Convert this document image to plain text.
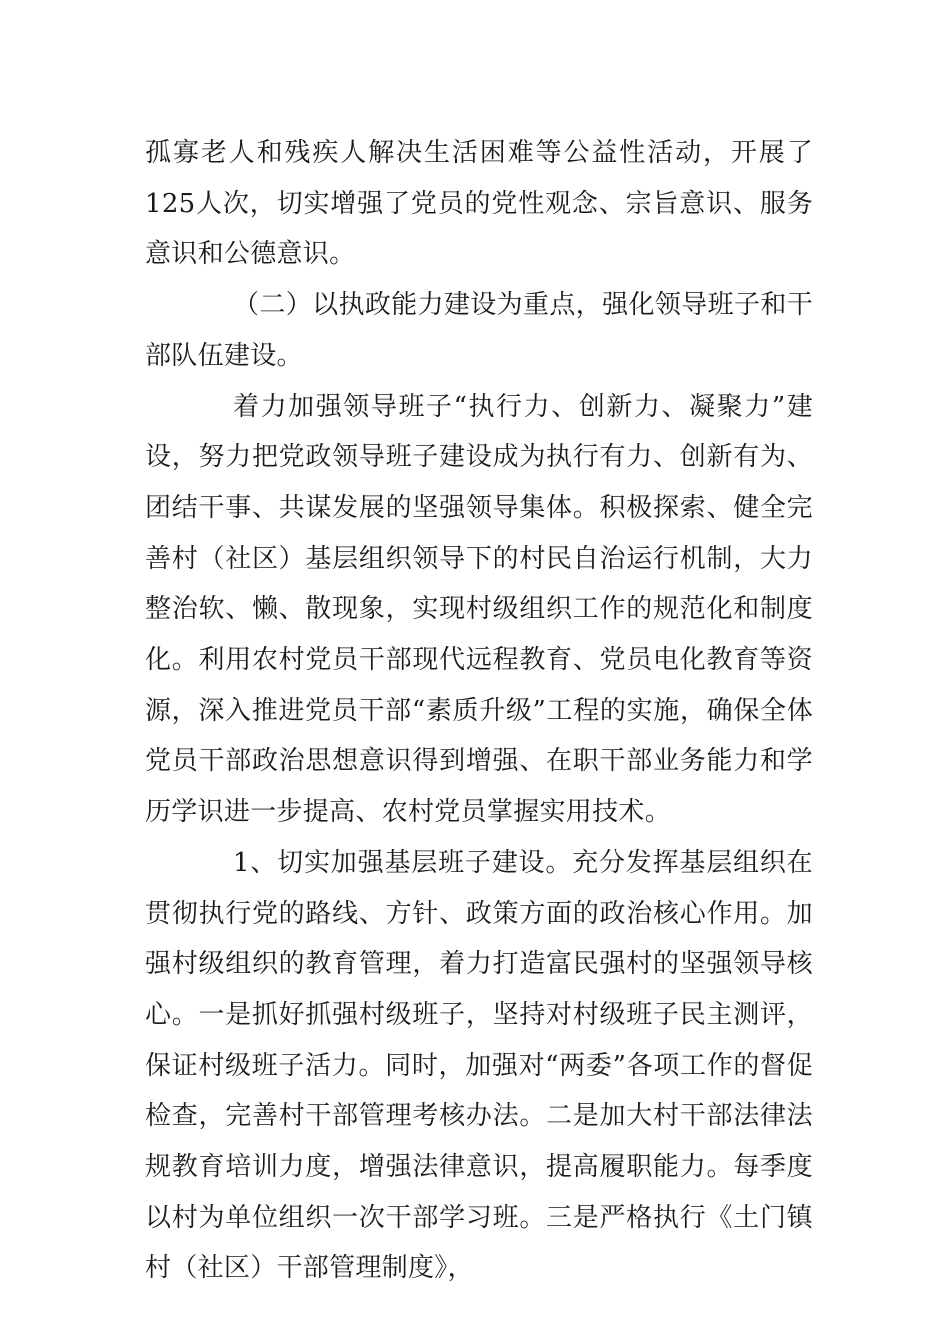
孤寡老人和残疾人解决生活困难等公益性活动，开展了125人次，切实增强了党员的党性观念、宗旨意识、服务意识和公德意识。

（二）以执政能力建设为重点，强化领导班子和干部队伍建设。

着力加强领导班子“执行力、创新力、凝聚力”建设，努力把党政领导班子建设成为执行有力、创新有为、团结干事、共谋发展的坚强领导集体。积极探索、健全完善村（社区）基层组织领导下的村民自治运行机制，大力整治软、懒、散现象，实现村级组织工作的规范化和制度化。利用农村党员干部现代远程教育、党员电化教育等资源，深入推进党员干部“素质升级”工程的实施，确保全体党员干部政治思想意识得到增强、在职干部业务能力和学历学识进一步提高、农村党员掌握实用技术。

1、切实加强基层班子建设。充分发挥基层组织在贯彻执行党的路线、方针、政策方面的政治核心作用。加强村级组织的教育管理，着力打造富民强村的坚强领导核心。一是抓好抓强村级班子，坚持对村级班子民主测评，保证村级班子活力。同时，加强对“两委”各项工作的督促检查，完善村干部管理考核办法。二是加大村干部法律法规教育培训力度，增强法律意识，提高履职能力。每季度以村为单位组织一次干部学习班。三是严格执行《土门镇村（社区）干部管理制度》，
